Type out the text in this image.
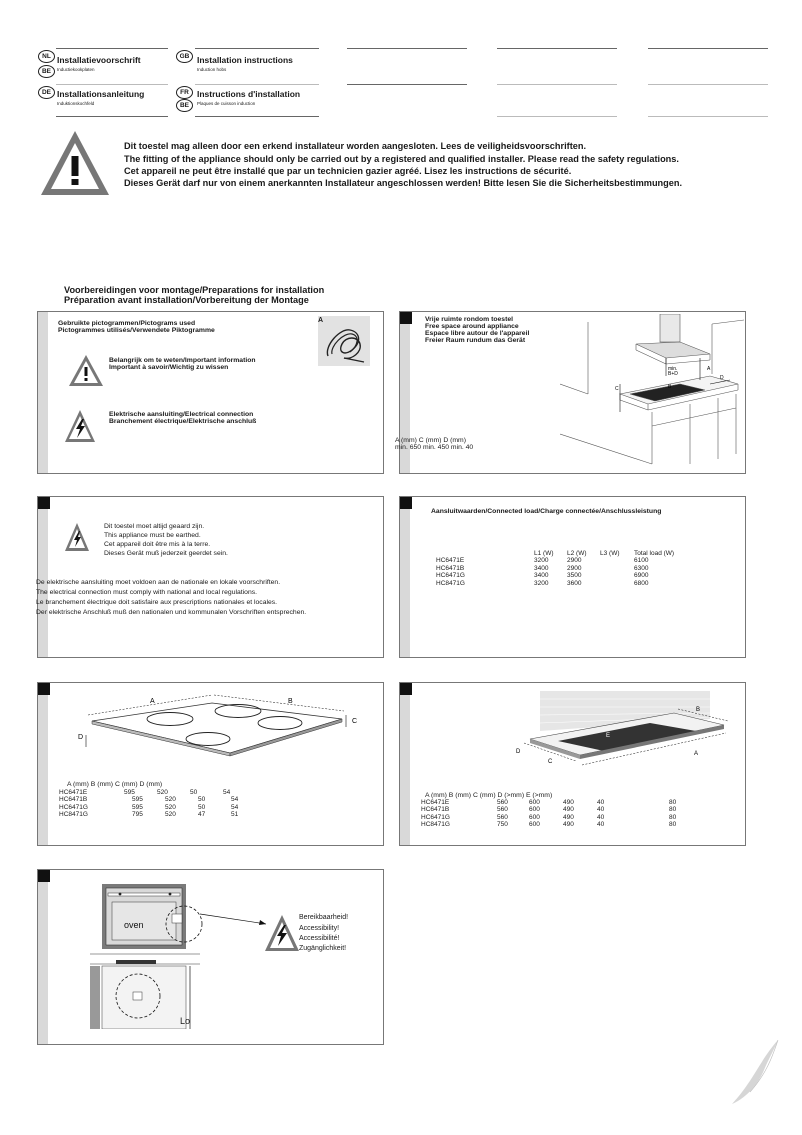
NL Installatievoorschrift
BE	Inductiekookplaten
GB Installation instructions
Induction hobs
DE Installationsanleitung
Induktionskochfeld
FR Instructions d'installation
BE	Plaques de cuisson induction
Dit toestel mag alleen door een erkend installateur worden aangesloten. Lees de veiligheidsvoorschriften.
The fitting of the appliance should only be carried out by a registered and qualified installer. Please read the safety regulations.
Cet appareil ne peut être installé que par un technicien gazier agréé. Lisez les instructions de sécurité.
Dieses Gerät darf nur von einem anerkannten Installateur angeschlossen werden! Bitte lesen Sie die Sicherheitsbestimmungen.
Voorbereidingen voor montage/Preparations for installation
Préparation avant installation/Vorbereitung der Montage
Gebruikte pictogrammen/Pictograms used
Pictogrammes utilisés/Verwendete Piktogramme
A
Belangrijk om te weten/Important information
Important à savoir/Wichtig zu wissen
Elektrische aansluiting/Electrical connection
Branchement électrique/Elektrische anschluß
Vrije ruimte rondom toestel
Free space around appliance
Espace libre autour de l'appareil
Freier Raum rundum das Gerät
min.
B+D
A
B
C
D
A (mm) C (mm) D (mm)
min. 650 min. 450 min. 40
Dit toestel moet altijd geaard zijn.
This appliance must be earthed.
Cet appareil doit être mis à la terre.
Dieses Gerät muß jederzeit geerdet sein.
De elektrische aansluiting moet voldoen aan de nationale en lokale voorschriften.
The electrical connection must comply with national and local regulations.
Le branchement électrique doit satisfaire aux prescriptions nationales et locales.
Der elektrische Anschluß muß den nationalen und kommunalen Vorschriften entsprechen.
Aansluitwaarden/Connected load/Charge connectée/Anschlussleistung
	L1 (W)	L2 (W)	L3 (W)	Total load (W)
HC6471E	3200	2900		6100
HC6471B	3400	2900		6300
HC6471G	3400	3500		6900
HC8471G	3200	3600		6800
A	B
C
D
A (mm) B (mm) C (mm) D (mm)
HC6471E	595	520	50	54
HC6471B	595	520	50	54
HC6471G	595	520	50	54
HC8471G	795	520	47	51
E
B
A
C
D
A (mm) B (mm) C (mm) D (>mm) E (>mm)
HC6471E	560	600	490	40	80
HC6471B	560	600	490	40	80
HC6471G	560	600	490	40	80
HC8471G	750	600	490	40	80
oven
Lo
Bereikbaarheid!
Accessibility!
Accessibilité!
Zugänglichkeit!
